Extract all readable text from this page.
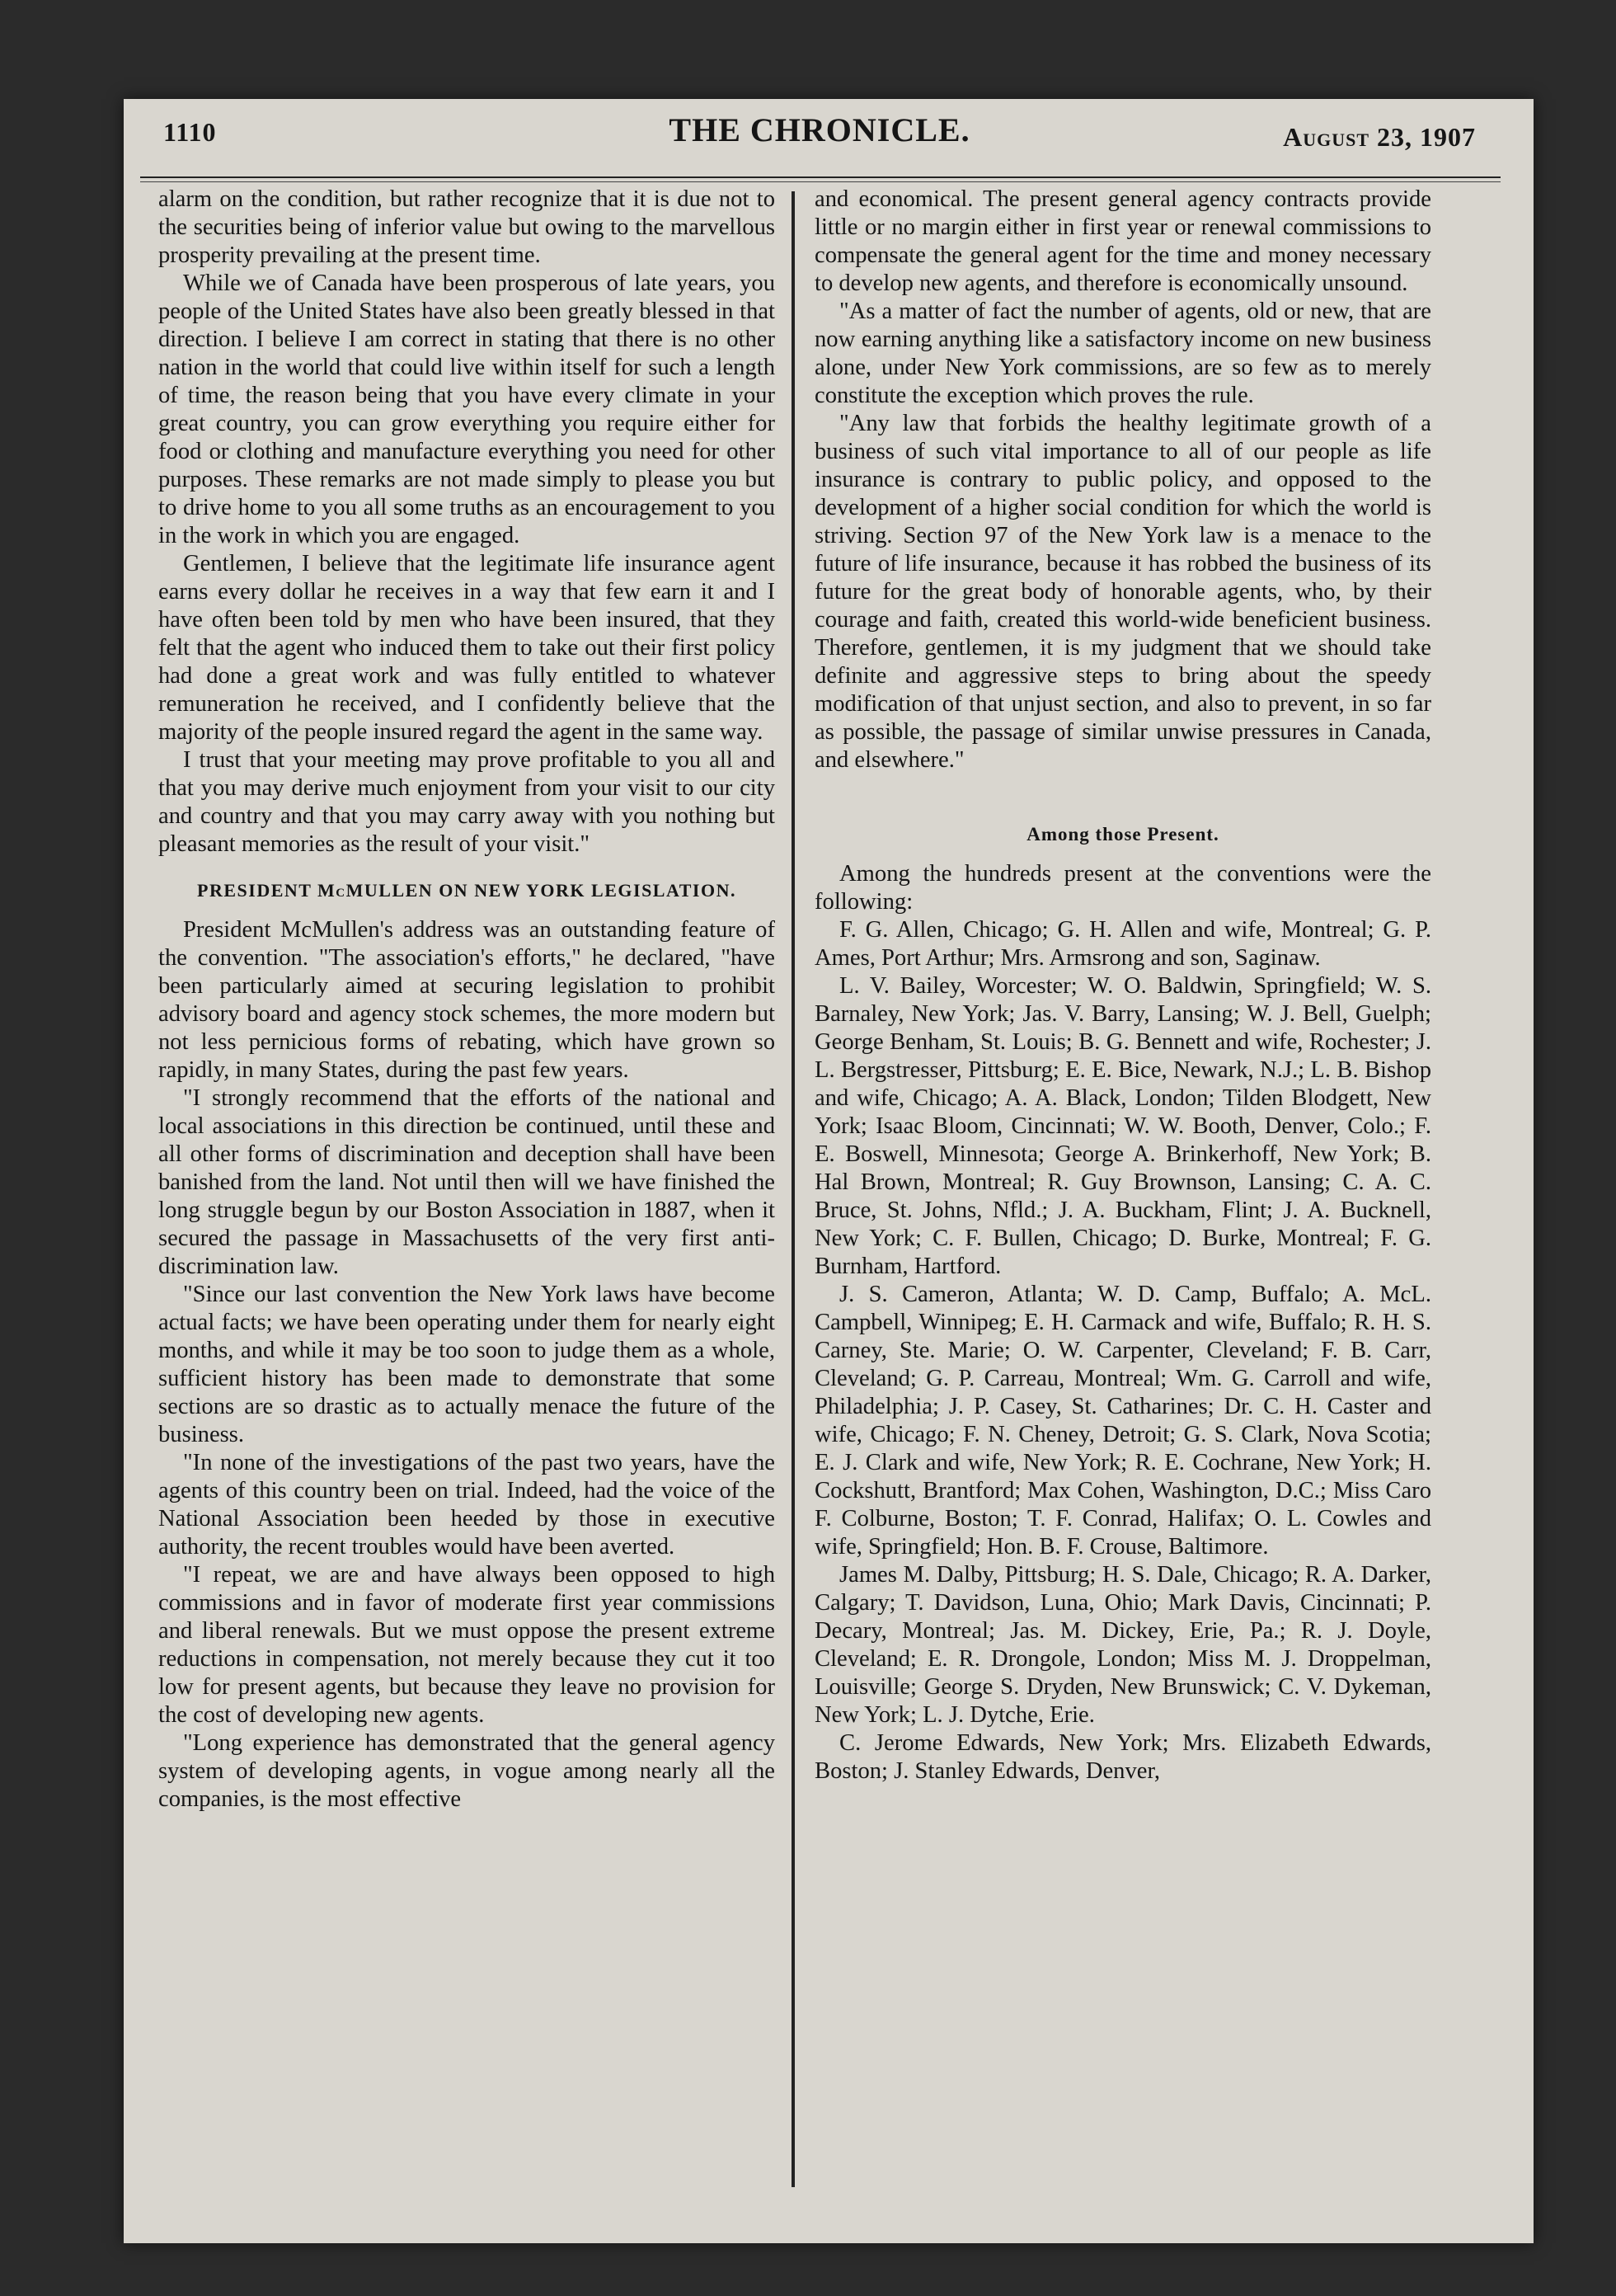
1110	THE CHRONICLE.	August 23, 1907

alarm on the condition, but rather recognize that it is due not to the securities being of inferior value but owing to the marvellous prosperity prevailing at the present time.

While we of Canada have been prosperous of late years, you people of the United States have also been greatly blessed in that direction. I believe I am correct in stating that there is no other nation in the world that could live within itself for such a length of time, the reason being that you have every climate in your great country, you can grow everything you require either for food or clothing and manufacture everything you need for other purposes. These remarks are not made simply to please you but to drive home to you all some truths as an encouragement to you in the work in which you are engaged.

Gentlemen, I believe that the legitimate life insurance agent earns every dollar he receives in a way that few earn it and I have often been told by men who have been insured, that they felt that the agent who induced them to take out their first policy had done a great work and was fully entitled to whatever remuneration he received, and I confidently believe that the majority of the people insured regard the agent in the same way.

I trust that your meeting may prove profitable to you all and that you may derive much enjoyment from your visit to our city and country and that you may carry away with you nothing but pleasant memories as the result of your visit."

PRESIDENT McMULLEN ON NEW YORK LEGISLATION.

President McMullen's address was an outstanding feature of the convention. "The association's efforts," he declared, "have been particularly aimed at securing legislation to prohibit advisory board and agency stock schemes, the more modern but not less pernicious forms of rebating, which have grown so rapidly, in many States, during the past few years.

"I strongly recommend that the efforts of the national and local associations in this direction be continued, until these and all other forms of discrimination and deception shall have been banished from the land. Not until then will we have finished the long struggle begun by our Boston Association in 1887, when it secured the passage in Massachusetts of the very first anti-discrimination law.

"Since our last convention the New York laws have become actual facts; we have been operating under them for nearly eight months, and while it may be too soon to judge them as a whole, sufficient history has been made to demonstrate that some sections are so drastic as to actually menace the future of the business.

"In none of the investigations of the past two years, have the agents of this country been on trial. Indeed, had the voice of the National Association been heeded by those in executive authority, the recent troubles would have been averted.

"I repeat, we are and have always been opposed to high commissions and in favor of moderate first year commissions and liberal renewals. But we must oppose the present extreme reductions in compensation, not merely because they cut it too low for present agents, but because they leave no provision for the cost of developing new agents.

"Long experience has demonstrated that the general agency system of developing agents, in vogue among nearly all the companies, is the most effective

and economical. The present general agency contracts provide little or no margin either in first year or renewal commissions to compensate the general agent for the time and money necessary to develop new agents, and therefore is economically unsound.

"As a matter of fact the number of agents, old or new, that are now earning anything like a satisfactory income on new business alone, under New York commissions, are so few as to merely constitute the exception which proves the rule.

"Any law that forbids the healthy legitimate growth of a business of such vital importance to all of our people as life insurance is contrary to public policy, and opposed to the development of a higher social condition for which the world is striving. Section 97 of the New York law is a menace to the future of life insurance, because it has robbed the business of its future for the great body of honorable agents, who, by their courage and faith, created this world-wide beneficient business. Therefore, gentlemen, it is my judgment that we should take definite and aggressive steps to bring about the speedy modification of that unjust section, and also to prevent, in so far as possible, the passage of similar unwise pressures in Canada, and elsewhere."

Among those Present.

Among the hundreds present at the conventions were the following:

F. G. Allen, Chicago; G. H. Allen and wife, Montreal; G. P. Ames, Port Arthur; Mrs. Armsrong and son, Saginaw.

L. V. Bailey, Worcester; W. O. Baldwin, Springfield; W. S. Barnaley, New York; Jas. V. Barry, Lansing; W. J. Bell, Guelph; George Benham, St. Louis; B. G. Bennett and wife, Rochester; J. L. Bergstresser, Pittsburg; E. E. Bice, Newark, N.J.; L. B. Bishop and wife, Chicago; A. A. Black, London; Tilden Blodgett, New York; Isaac Bloom, Cincinnati; W. W. Booth, Denver, Colo.; F. E. Boswell, Minnesota; George A. Brinkerhoff, New York; B. Hal Brown, Montreal; R. Guy Brownson, Lansing; C. A. C. Bruce, St. Johns, Nfld.; J. A. Buckham, Flint; J. A. Bucknell, New York; C. F. Bullen, Chicago; D. Burke, Montreal; F. G. Burnham, Hartford.

J. S. Cameron, Atlanta; W. D. Camp, Buffalo; A. McL. Campbell, Winnipeg; E. H. Carmack and wife, Buffalo; R. H. S. Carney, Ste. Marie; O. W. Carpenter, Cleveland; F. B. Carr, Cleveland; G. P. Carreau, Montreal; Wm. G. Carroll and wife, Philadelphia; J. P. Casey, St. Catharines; Dr. C. H. Caster and wife, Chicago; F. N. Cheney, Detroit; G. S. Clark, Nova Scotia; E. J. Clark and wife, New York; R. E. Cochrane, New York; H. Cockshutt, Brantford; Max Cohen, Washington, D.C.; Miss Caro F. Colburne, Boston; T. F. Conrad, Halifax; O. L. Cowles and wife, Springfield; Hon. B. F. Crouse, Baltimore.

James M. Dalby, Pittsburg; H. S. Dale, Chicago; R. A. Darker, Calgary; T. Davidson, Luna, Ohio; Mark Davis, Cincinnati; P. Decary, Montreal; Jas. M. Dickey, Erie, Pa.; R. J. Doyle, Cleveland; E. R. Drongole, London; Miss M. J. Droppelman, Louisville; George S. Dryden, New Brunswick; C. V. Dykeman, New York; L. J. Dytche, Erie.

C. Jerome Edwards, New York; Mrs. Elizabeth Edwards, Boston; J. Stanley Edwards, Denver,
